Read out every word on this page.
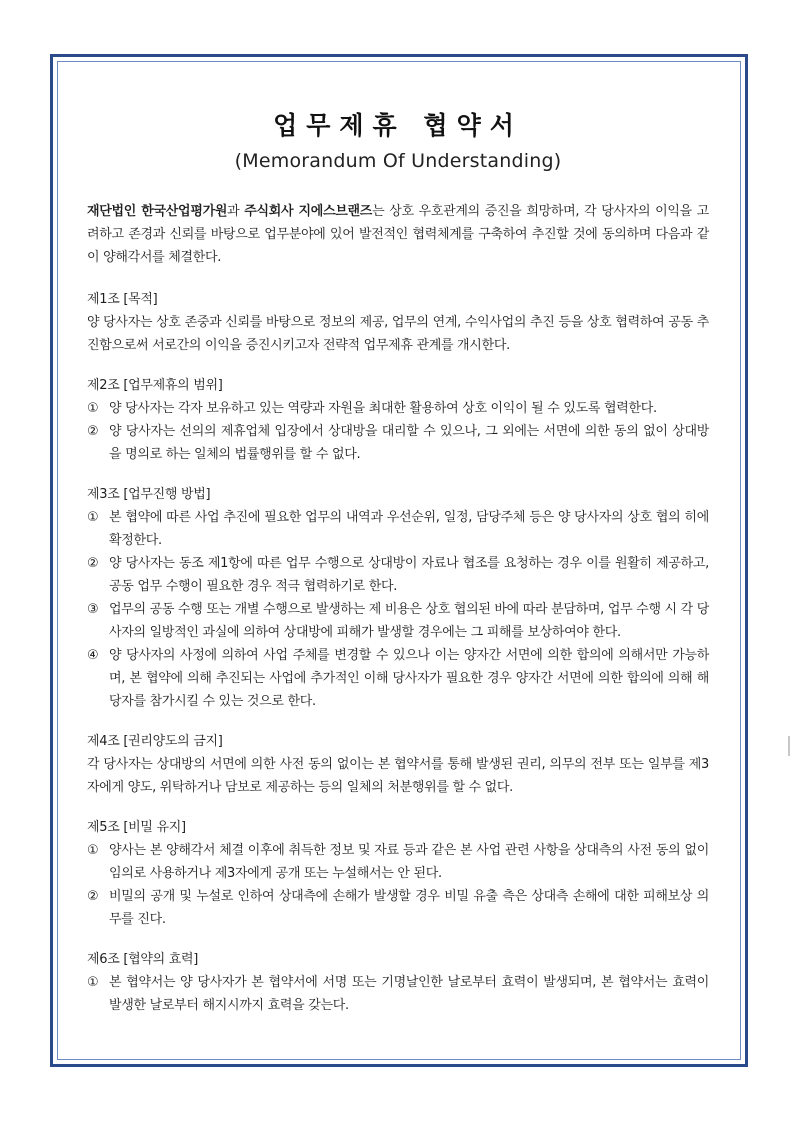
업무제휴 협약서
(Memorandum Of Understanding)

재단법인 한국산업평가원과 주식회사 지에스브랜즈는 상호 우호관계의 증진을 희망하며, 각 당사자의 이익을 고려하고 존경과 신뢰를 바탕으로 업무분야에 있어 발전적인 협력체계를 구축하여 추진할 것에 동의하며 다음과 같이 양해각서를 체결한다.

제1조 [목적]

양 당사자는 상호 존중과 신뢰를 바탕으로 정보의 제공, 업무의 연계, 수익사업의 추진 등을 상호 협력하여 공동 추진함으로써 서로간의 이익을 증진시키고자 전략적 업무제휴 관계를 개시한다.

제2조 [업무제휴의 범위]

① 양 당사자는 각자 보유하고 있는 역량과 자원을 최대한 활용하여 상호 이익이 될 수 있도록 협력한다.

② 양 당사자는 선의의 제휴업체 입장에서 상대방을 대리할 수 있으나, 그 외에는 서면에 의한 동의 없이 상대방을 명의로 하는 일체의 법률행위를 할 수 없다.

제3조 [업무진행 방법]

① 본 협약에 따른 사업 추진에 필요한 업무의 내역과 우선순위, 일정, 담당주체 등은 양 당사자의 상호 협의 히에 확정한다.

② 양 당사자는 동조 제1항에 따른 업무 수행으로 상대방이 자료나 협조를 요청하는 경우 이를 원활히 제공하고, 공동 업무 수행이 필요한 경우 적극 협력하기로 한다.

③ 업무의 공동 수행 또는 개별 수행으로 발생하는 제 비용은 상호 협의된 바에 따라 분담하며, 업무 수행 시 각 당사자의 일방적인 과실에 의하여 상대방에 피해가 발생할 경우에는 그 피해를 보상하여야 한다.

④ 양 당사자의 사정에 의하여 사업 주체를 변경할 수 있으나 이는 양자간 서면에 의한 합의에 의해서만 가능하며, 본 협약에 의해 추진되는 사업에 추가적인 이해 당사자가 필요한 경우 양자간 서면에 의한 합의에 의해 해당자를 참가시킬 수 있는 것으로 한다.

제4조 [권리양도의 금지]

각 당사자는 상대방의 서면에 의한 사전 동의 없이는 본 협약서를 통해 발생된 권리, 의무의 전부 또는 일부를 제3자에게 양도, 위탁하거나 담보로 제공하는 등의 일체의 처분행위를 할 수 없다.

제5조 [비밀 유지]

① 양사는 본 양해각서 체결 이후에 취득한 정보 및 자료 등과 같은 본 사업 관련 사항을 상대측의 사전 동의 없이 임의로 사용하거나 제3자에게 공개 또는 누설해서는 안 된다.

② 비밀의 공개 및 누설로 인하여 상대측에 손해가 발생할 경우 비밀 유출 측은 상대측 손해에 대한 피해보상 의무를 진다.

제6조 [협약의 효력]

① 본 협약서는 양 당사자가 본 협약서에 서명 또는 기명날인한 날로부터 효력이 발생되며, 본 협약서는 효력이 발생한 날로부터 해지시까지 효력을 갖는다.
